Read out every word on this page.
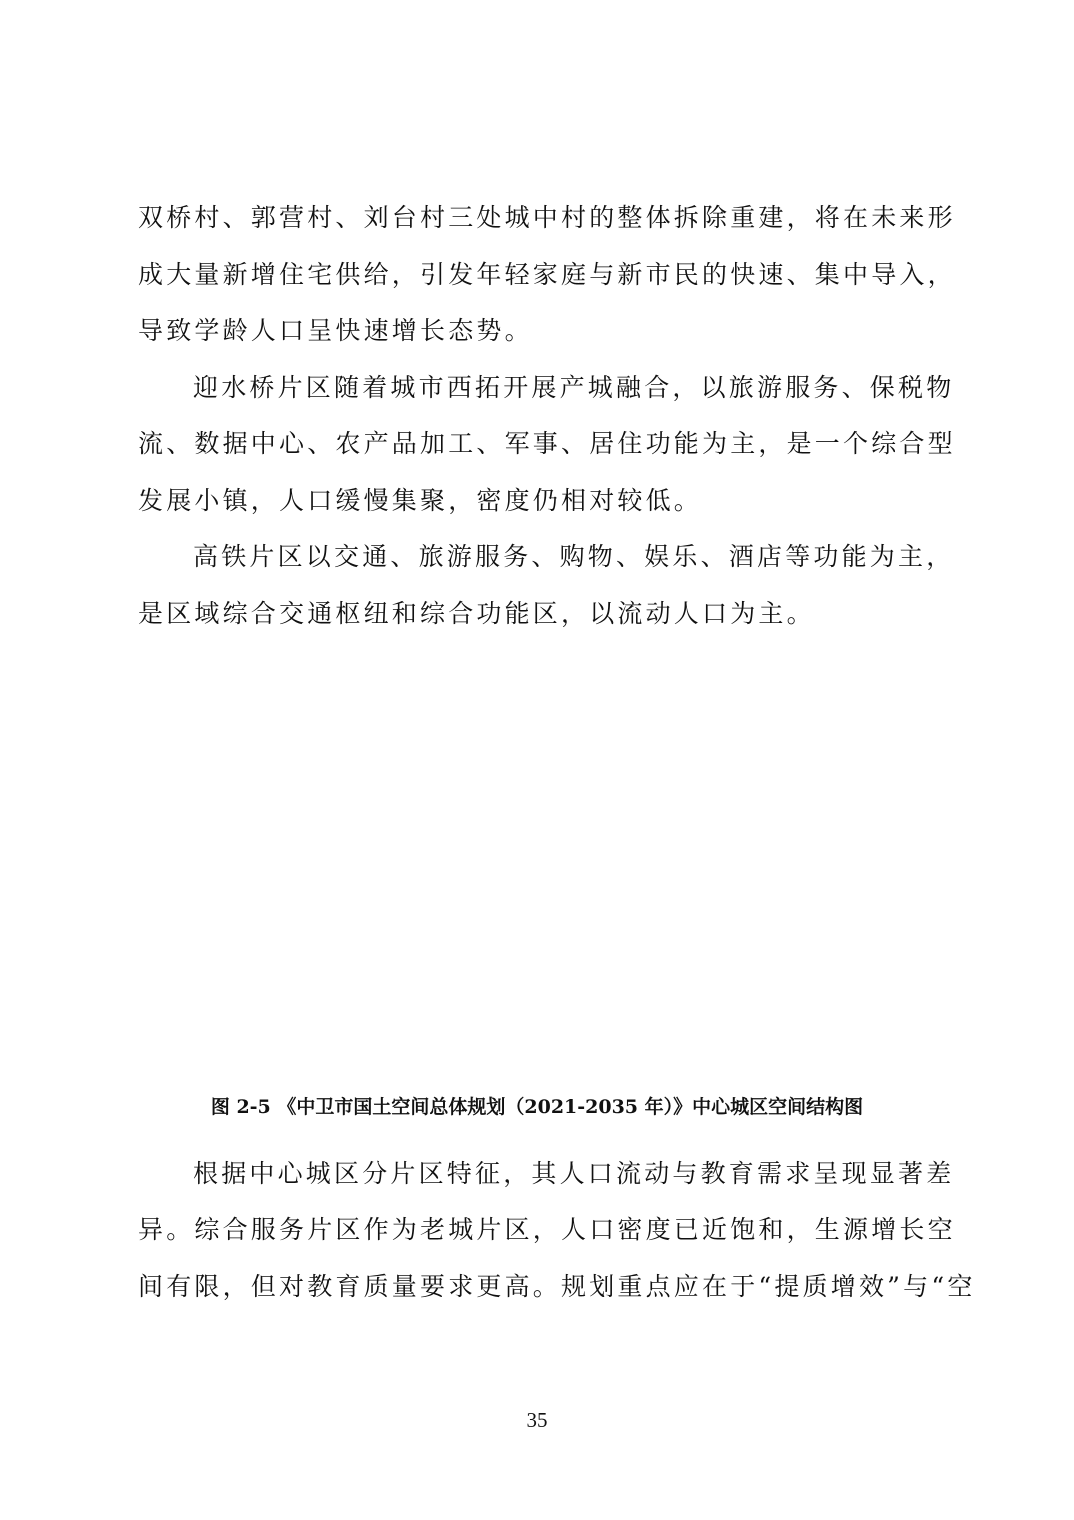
双桥村、郭营村、刘台村三处城中村的整体拆除重建，将在未来形
成大量新增住宅供给，引发年轻家庭与新市民的快速、集中导入，
导致学龄人口呈快速增长态势。
迎水桥片区随着城市西拓开展产城融合，以旅游服务、保税物
流、数据中心、农产品加工、军事、居住功能为主，是一个综合型
发展小镇，人口缓慢集聚，密度仍相对较低。
高铁片区以交通、旅游服务、购物、娱乐、酒店等功能为主，
是区域综合交通枢纽和综合功能区，以流动人口为主。
图 2-5 《中卫市国土空间总体规划（2021-2035 年）》中心城区空间结构图
根据中心城区分片区特征，其人口流动与教育需求呈现显著差
异。综合服务片区作为老城片区，人口密度已近饱和，生源增长空
间有限，但对教育质量要求更高。规划重点应在于“提质增效”与“空
35
